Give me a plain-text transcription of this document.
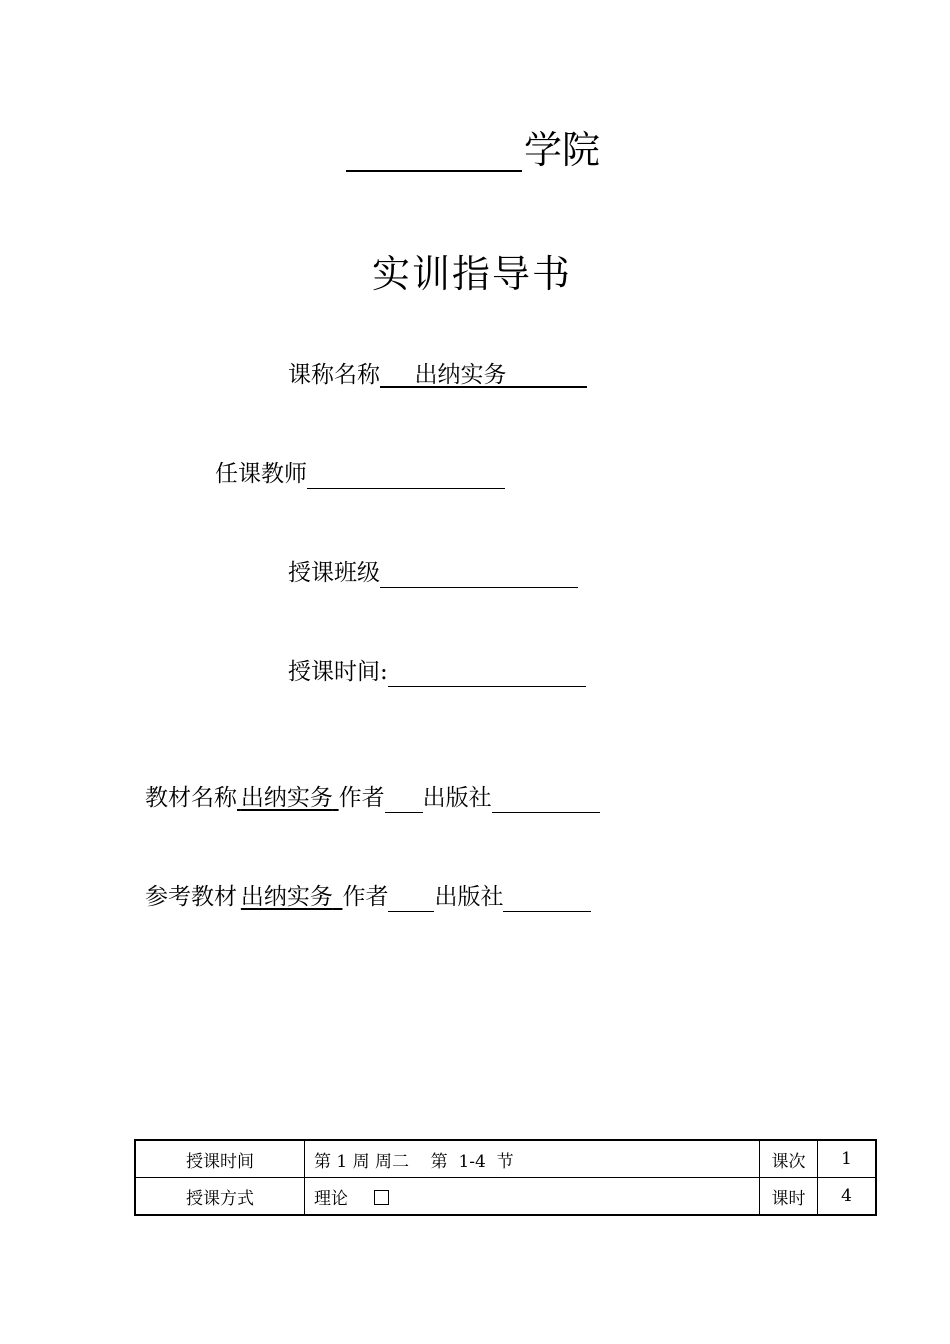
学院
实训指导书
课称名称   出纳实务    
任课教师
授课班级
授课时间:
教材名称  出纳实务  作者 出版社
参考教材  出纳实务   作者 出版社
授课时间	第 1 周 周二    第  1-4  节	课次	1
授课方式	理论	课时	4
